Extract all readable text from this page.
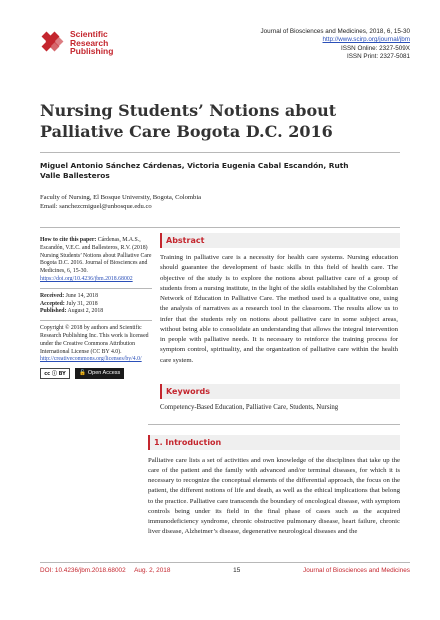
Scientific
Research
Publishing
Journal of Biosciences and Medicines, 2018, 6, 15-30
http://www.scirp.org/journal/jbm
ISSN Online: 2327-509X
ISSN Print: 2327-5081
Nursing Students’ Notions about Palliative Care Bogota D.C. 2016
Miguel Antonio Sánchez Cárdenas, Victoria Eugenia Cabal Escandón, Ruth Valle Ballesteros
Faculty of Nursing, El Bosque University, Bogota, Colombia
Email: sanchezcmiguel@unbosque.edu.co

How to cite this paper: Cárdenas, M.A.S., Escandón, V.E.C. and Ballesteros, R.V. (2018) Nursing Students’ Notions about Palliative Care Bogota D.C. 2016. Journal of Biosciences and Medicines, 6, 15-30. https://doi.org/10.4236/jbm.2018.68002

Received: June 14, 2018
Accepted: July 31, 2018
Published: August 2, 2018

Copyright © 2018 by authors and Scientific Research Publishing Inc. This work is licensed under the Creative Commons Attribution International License (CC BY 4.0).
http://creativecommons.org/licenses/by/4.0/

cc ⓘ BY	🔓 Open Access
Abstract
Training in palliative care is a necessity for health care systems. Nursing education should guarantee the development of basic skills in this field of health care. The objective of the study is to explore the notions about palliative care of a group of students from a nursing institute, in the light of the skills established by the Colombian Network of Education in Palliative Care. The method used is a qualitative one, using the analysis of narratives as a research tool in the classroom. The results allow us to infer that the students rely on notions about palliative care in some subject areas, without being able to consolidate an understanding that allows the integral intervention in people with palliative needs. It is necessary to reinforce the training process for symptom control, spirituality, and the organization of palliative care within the health care system.
Keywords
Competency-Based Education, Palliative Care, Students, Nursing
1. Introduction
Palliative care lists a set of activities and own knowledge of the disciplines that take up the care of the patient and the family with advanced and/or terminal diseases, for which it is necessary to recognize the conceptual elements of the differential approach, the focus on the patient, the different notions of life and death, as well as the ethical implications that belong to the practice. Palliative care transcends the boundary of oncological disease, with symptom controls being under its field in the final phase of cases such as the acquired immunodeficiency syndrome, chronic obstructive pulmonary disease, heart failure, chronic liver disease, Alzheimer’s disease, degenerative neurological diseases and the
DOI: 10.4236/jbm.2018.68002     Aug. 2, 2018	15	Journal of Biosciences and Medicines
